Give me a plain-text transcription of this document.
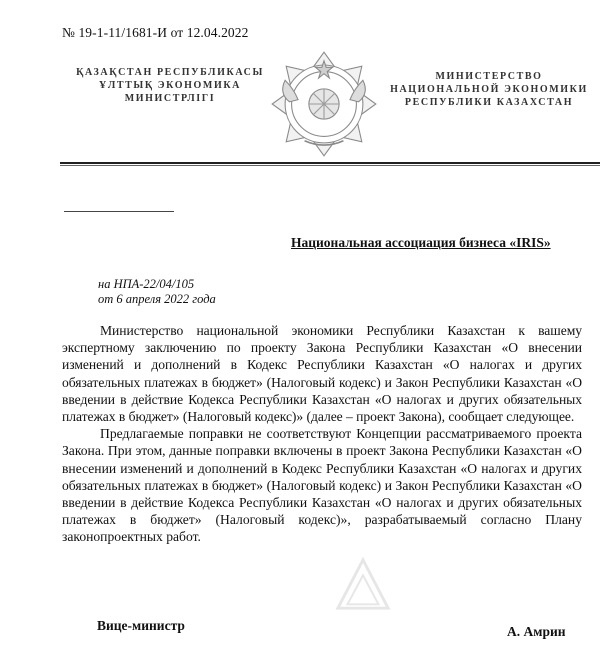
№ 19-1-11/1681-И от 12.04.2022
ҚАЗАҚСТАН РЕСПУБЛИКАСЫ
ҰЛТТЫҚ ЭКОНОМИКА
МИНИСТРЛІГІ
МИНИСТЕРСТВО
НАЦИОНАЛЬНОЙ ЭКОНОМИКИ
РЕСПУБЛИКИ КАЗАХСТАН
Национальная ассоциация бизнеса «IRIS»
на НПА-22/04/105
от 6 апреля 2022 года

Министерство национальной экономики Республики Казахстан к вашему экспертному заключению по проекту Закона Республики Казахстан «О внесении изменений и дополнений в Кодекс Республики Казахстан «О налогах и других обязательных платежах в бюджет» (Налоговый кодекс) и Закон Республики Казахстан «О введении в действие Кодекса Республики Казахстан «О налогах и других обязательных платежах в бюджет» (Налоговый кодекс)» (далее – проект Закона), сообщает следующее.

Предлагаемые поправки не соответствуют Концепции рассматриваемого проекта Закона. При этом, данные поправки включены в проект Закона Республики Казахстан «О внесении изменений и дополнений в Кодекс Республики Казахстан «О налогах и других обязательных платежах в бюджет» (Налоговый кодекс) и Закон Республики Казахстан «О введении в действие Кодекса Республики Казахстан «О налогах и других обязательных платежах в бюджет» (Налоговый кодекс)», разрабатываемый согласно Плану законопроектных работ.

Вице-министр	А. Амрин
